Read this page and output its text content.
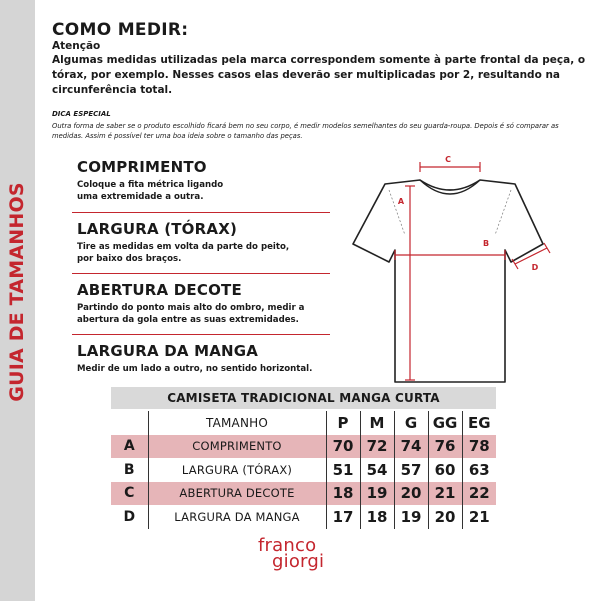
GUIA DE TAMANHOS
COMO MEDIR:
Atenção
Algumas medidas utilizadas pela marca correspondem somente à parte frontal da peça, o tórax, por exemplo. Nesses casos elas deverão ser multiplicadas por 2, resultando na circunferência total.
DICA ESPECIAL
Outra forma de saber se o produto escolhido ficará bem no seu corpo, é medir modelos semelhantes do seu guarda-roupa. Depois é só comparar as medidas. Assim é possível ter uma boa ideia sobre o tamanho das peças.
COMPRIMENTO

Coloque a fita métrica ligando uma extremidade a outra.

LARGURA (TÓRAX)

Tire as medidas em volta da parte do peito, por baixo dos braços.

ABERTURA DECOTE

Partindo do ponto mais alto do ombro, medir a abertura da gola entre as suas extremidades.

LARGURA DA MANGA

Medir de um lado a outro, no sentido horizontal.

C
A
B
D
CAMISETA TRADICIONAL MANGA CURTA
	TAMANHO	P	M	G	GG	EG
A	COMPRIMENTO	70	72	74	76	78
B	LARGURA (TÓRAX)	51	54	57	60	63
C	ABERTURA DECOTE	18	19	20	21	22
D	LARGURA DA MANGA	17	18	19	20	21
franco
giorgi
